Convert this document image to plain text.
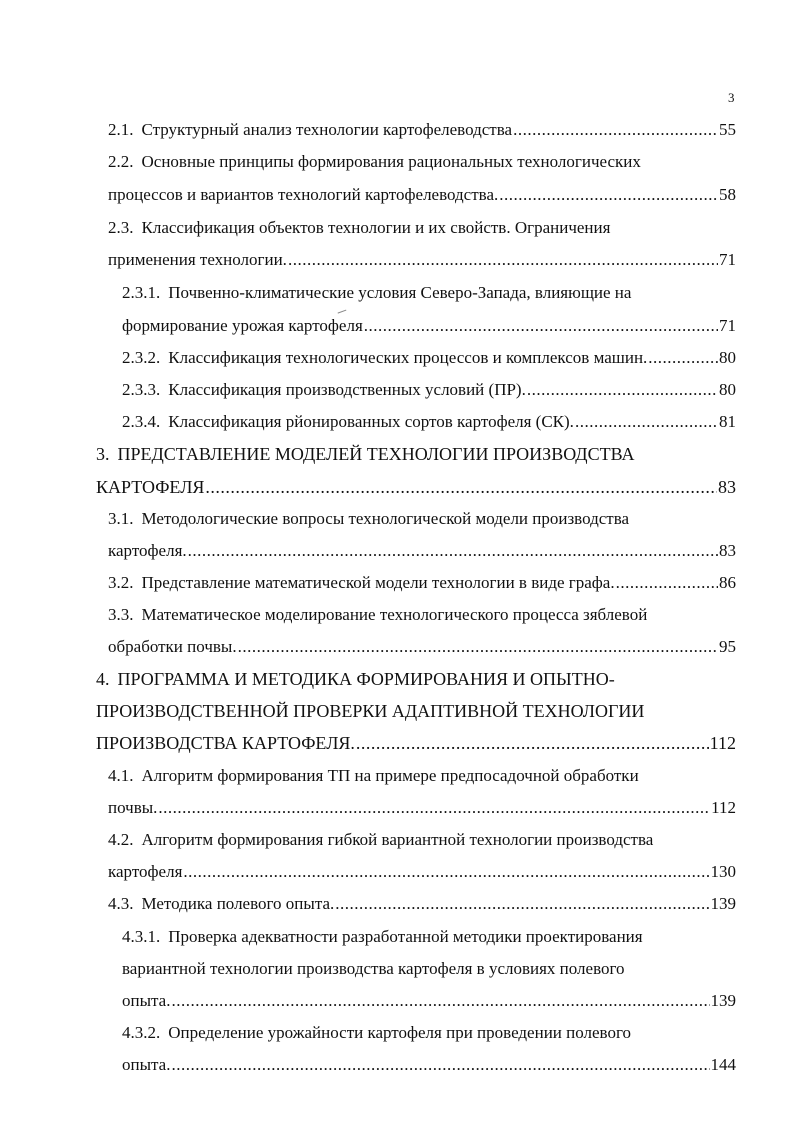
3
2.1. Структурный анализ технологии картофелеводства .....	55
2.2. Основные принципы формирования рациональных технологических
процессов и вариантов технологий картофелеводства. .....	58
2.3. Классификация объектов технологии и их свойств. Ограничения
применения технологии. .....	71
2.3.1. Почвенно-климатические условия Северо-Запада, влияющие на
формирование урожая картофеля .....	71
2.3.2. Классификация технологических процессов и комплексов машин. .....	80
2.3.3. Классификация производственных условий (ПР). .....	80
2.3.4. Классификация рйонированных сортов картофеля (СК). .....	81
3. ПРЕДСТАВЛЕНИЕ МОДЕЛЕЙ ТЕХНОЛОГИИ ПРОИЗВОДСТВА
КАРТОФЕЛЯ .....	83
3.1. Методологические вопросы технологической модели производства
картофеля. .....	83
3.2. Представление математической модели технологии в виде графа. .....	86
3.3. Математическое моделирование технологического процесса зяблевой
обработки почвы. .....	95
4. ПРОГРАММА И МЕТОДИКА ФОРМИРОВАНИЯ И ОПЫТНО-
ПРОИЗВОДСТВЕННОЙ ПРОВЕРКИ АДАПТИВНОЙ ТЕХНОЛОГИИ
ПРОИЗВОДСТВА КАРТОФЕЛЯ. .....	112
4.1. Алгоритм формирования ТП на примере предпосадочной обработки
почвы. .....	112
4.2. Алгоритм формирования гибкой вариантной технологии производства
картофеля .....	130
4.3. Методика полевого опыта. .....	139
4.3.1. Проверка адекватности разработанной методики проектирования
вариантной технологии производства картофеля в условиях полевого
опыта. .....	139
4.3.2. Определение урожайности картофеля при проведении полевого
опыта. .....	144
